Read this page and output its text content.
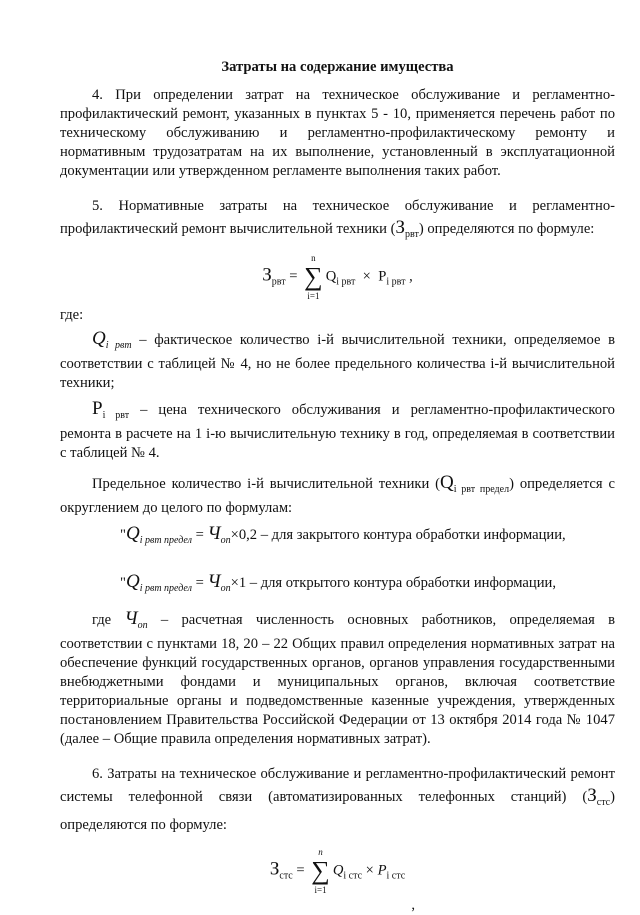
Затраты на содержание имущества

4. При определении затрат на техническое обслуживание и регламентно-профилактический ремонт, указанных в пунктах 5 - 10, применяется перечень работ по техническому обслуживанию и регламентно-профилактическому ремонту и нормативным трудозатратам на их выполнение, установленный в эксплуатационной документации или утвержденном регламенте выполнения таких работ.

5. Нормативные затраты на техническое обслуживание и регламентно-профилактический ремонт вычислительной техники $(З_{рвт})$ определяются по формуле:

$З_{рвт}$ =
n
∑
i=1
$Q_{i рвт} \times P_{i рвт}$ ,

где:

$Q_{i рвт}$ – фактическое количество i-й вычислительной техники, определяемое в соответствии с таблицей № 4, но не более предельного количества i-й вычислительной техники;

$P_{i рвт}$ – цена технического обслуживания и регламентно-профилактического ремонта в расчете на 1 i-ю вычислительную технику в год, определяемая в соответствии с таблицей № 4.

Предельное количество i-й вычислительной техники $(Q_{i рвт предел})$ определяется с округлением до целого по формулам:

"$Q_{i рвт предел} = Ч_{оп}\times 0,2$ – для закрытого контура обработки информации,
"$Q_{i рвт предел} = Ч_{оп}\times 1$ – для открытого контура обработки информации,

где $Ч_{оп}$ – расчетная численность основных работников, определяемая в соответствии с пунктами 18, 20 – 22 Общих правил определения нормативных затрат на обеспечение функций государственных органов, органов управления государственными внебюджетными фондами и муниципальных органов, включая соответствие территориальные органы и подведомственные казенные учреждения, утвержденных постановлением Правительства Российской Федерации от 13 октября 2014 года № 1047 (далее – Общие правила определения нормативных затрат).

6. Затраты на техническое обслуживание и регламентно-профилактический ремонт системы телефонной связи (автоматизированных телефонных станций) $(З_{стс})$ определяются по формуле:

$З_{стс}$ =
n
∑
i=1
$Q_{i стс} \times P_{i стс}$
,
